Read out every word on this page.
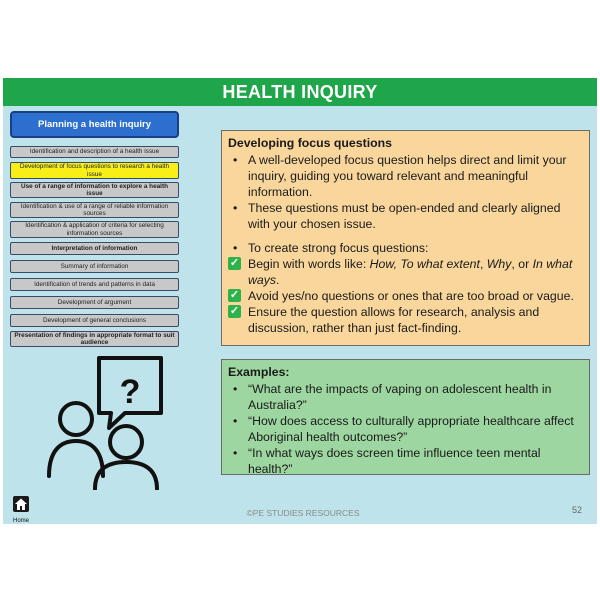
HEALTH INQUIRY
Planning a health inquiry
Identification and description of a health issue
Development of focus questions to research a health issue
Use of a range of information to explore a health issue
Identification & use of a range of reliable information sources
Identification & application of criteria for selecting information sources
Interpretation of information
Summary of information
Identification of trends and patterns in data
Development of argument
Development of general conclusions
Presentation of findings in appropriate format to suit audience
Developing focus questions
• A well-developed focus question helps direct and limit your inquiry, guiding you toward relevant and meaningful information.
• These questions must be open-ended and clearly aligned with your chosen issue.
• To create strong focus questions:
✓ Begin with words like: How, To what extent, Why, or In what ways.
✓ Avoid yes/no questions or ones that are too broad or vague.
✓ Ensure the question allows for research, analysis and discussion, rather than just fact-finding.
Examples:
• “What are the impacts of vaping on adolescent health in Australia?”
• “How does access to culturally appropriate healthcare affect Aboriginal health outcomes?”
• “In what ways does screen time influence teen mental health?”
?
Home
©PE STUDIES RESOURCES	52
